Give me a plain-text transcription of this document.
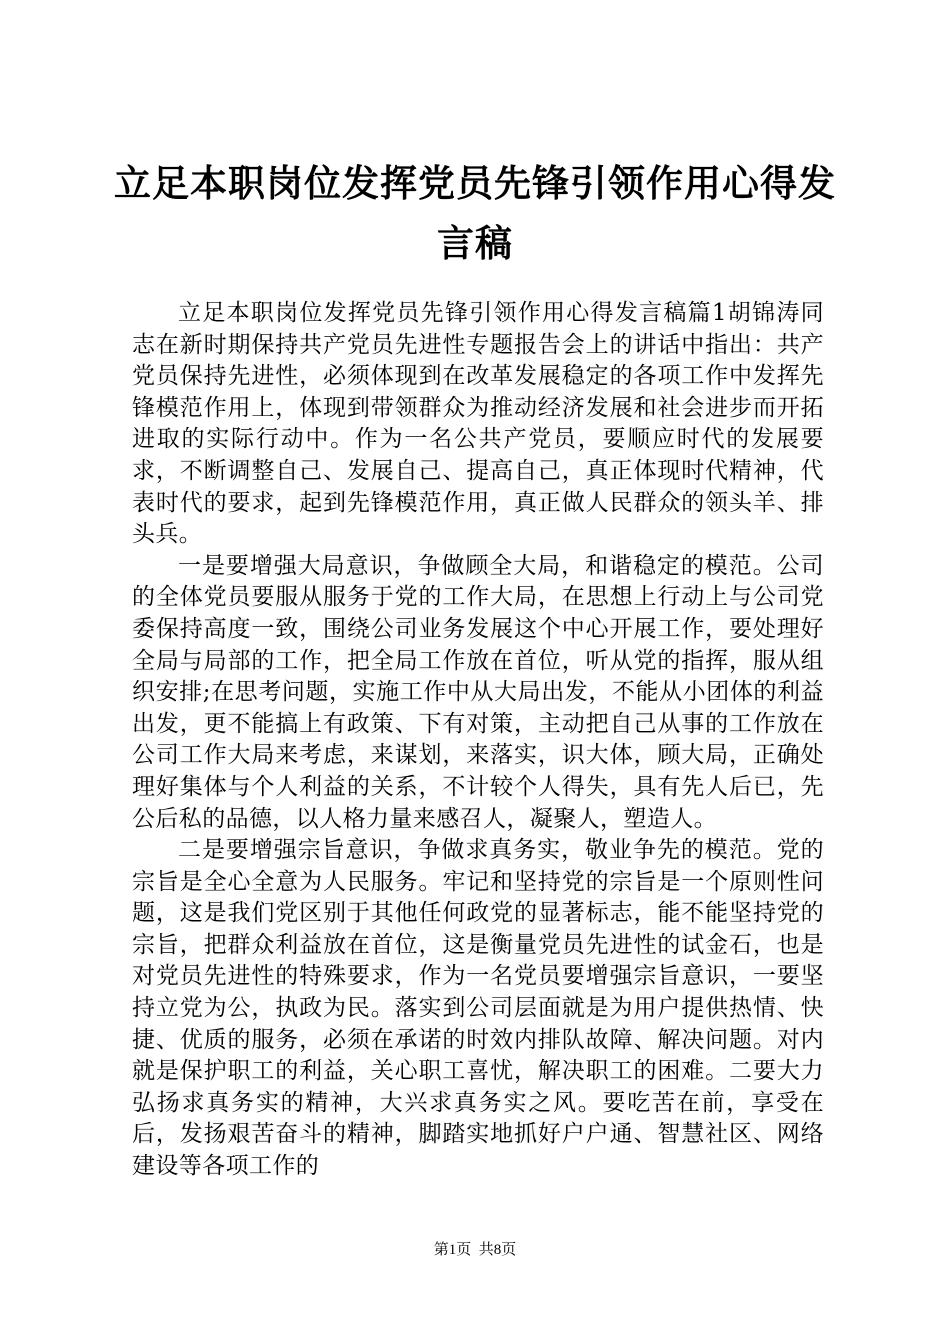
立足本职岗位发挥党员先锋引领作用心得发言稿

立足本职岗位发挥党员先锋引领作用心得发言稿篇1胡锦涛同志在新时期保持共产党员先进性专题报告会上的讲话中指出：共产党员保持先进性，必须体现到在改革发展稳定的各项工作中发挥先锋模范作用上，体现到带领群众为推动经济发展和社会进步而开拓进取的实际行动中。作为一名公共产党员，要顺应时代的发展要求，不断调整自己、发展自己、提高自己，真正体现时代精神，代表时代的要求，起到先锋模范作用，真正做人民群众的领头羊、排头兵。

一是要增强大局意识，争做顾全大局，和谐稳定的模范。公司的全体党员要服从服务于党的工作大局，在思想上行动上与公司党委保持高度一致，围绕公司业务发展这个中心开展工作，要处理好全局与局部的工作，把全局工作放在首位，听从党的指挥，服从组织安排;在思考问题，实施工作中从大局出发，不能从小团体的利益出发，更不能搞上有政策、下有对策，主动把自己从事的工作放在公司工作大局来考虑，来谋划，来落实，识大体，顾大局，正确处理好集体与个人利益的关系，不计较个人得失，具有先人后已，先公后私的品德，以人格力量来感召人，凝聚人，塑造人。

二是要增强宗旨意识，争做求真务实，敬业争先的模范。党的宗旨是全心全意为人民服务。牢记和坚持党的宗旨是一个原则性问题，这是我们党区别于其他任何政党的显著标志，能不能坚持党的宗旨，把群众利益放在首位，这是衡量党员先进性的试金石，也是对党员先进性的特殊要求，作为一名党员要增强宗旨意识，一要坚持立党为公，执政为民。落实到公司层面就是为用户提供热情、快捷、优质的服务，必须在承诺的时效内排队故障、解决问题。对内就是保护职工的利益，关心职工喜忧，解决职工的困难。二要大力弘扬求真务实的精神，大兴求真务实之风。要吃苦在前，享受在后，发扬艰苦奋斗的精神，脚踏实地抓好户户通、智慧社区、网络建设等各项工作的

第1页  共8页
